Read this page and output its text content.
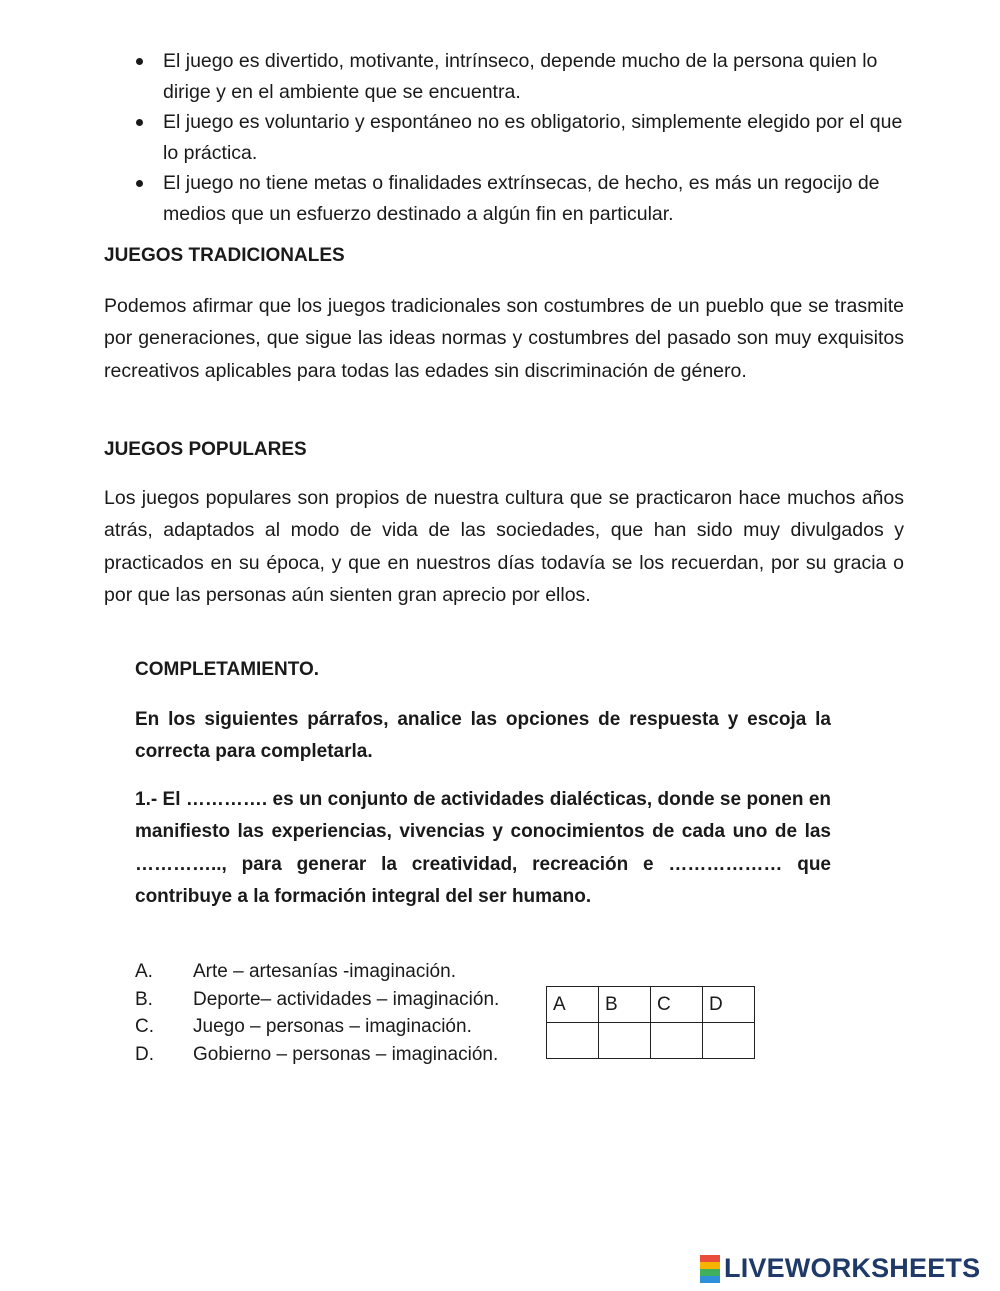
El juego es divertido, motivante, intrínseco, depende mucho de la persona quien lo dirige y en el ambiente que se encuentra.
El juego es voluntario y espontáneo no es obligatorio, simplemente elegido por el que lo práctica.
El juego no tiene metas o finalidades extrínsecas, de hecho, es más un regocijo de medios que un esfuerzo destinado a algún fin en particular.
JUEGOS TRADICIONALES

Podemos afirmar que los juegos tradicionales son costumbres de un pueblo que se trasmite por generaciones, que sigue las ideas normas y costumbres del pasado son muy exquisitos recreativos aplicables para todas las edades sin discriminación de género.

JUEGOS POPULARES

Los juegos populares son propios de nuestra cultura que se practicaron hace muchos años atrás, adaptados al modo de vida de las sociedades, que han sido muy divulgados y practicados en su época, y que en nuestros días todavía se los recuerdan, por su gracia o por que las personas aún sienten gran aprecio por ellos.

COMPLETAMIENTO.

En los siguientes párrafos, analice las opciones de respuesta y escoja la correcta para completarla.

1.- El …………. es un conjunto de actividades dialécticas, donde se ponen en manifiesto las experiencias, vivencias y conocimientos de cada uno de las ………….., para generar la creatividad, recreación e ……………… que contribuye a la formación integral del ser humano.

A. Arte – artesanías -imaginación.
B. Deporte– actividades – imaginación.
C. Juego – personas – imaginación.
D. Gobierno – personas – imaginación.
A	B	C	D

LIVEWORKSHEETS
